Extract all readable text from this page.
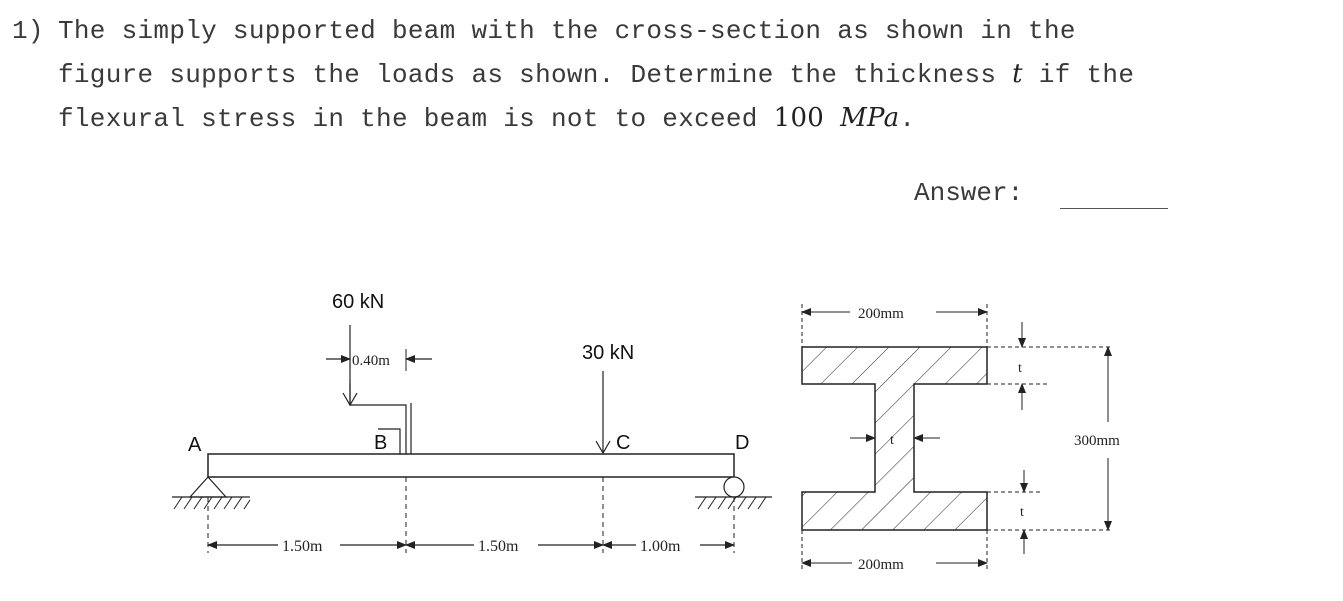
1) The simply supported beam with the cross-section as shown in the
figure supports the loads as shown. Determine the thickness t if the
flexural stress in the beam is not to exceed 100 MPa.
Answer:
60 kN
0.40m	30 kN
A	B	C	D
1.50m	1.50m	1.00m
200mm
200mm
t
t
t
300mm
